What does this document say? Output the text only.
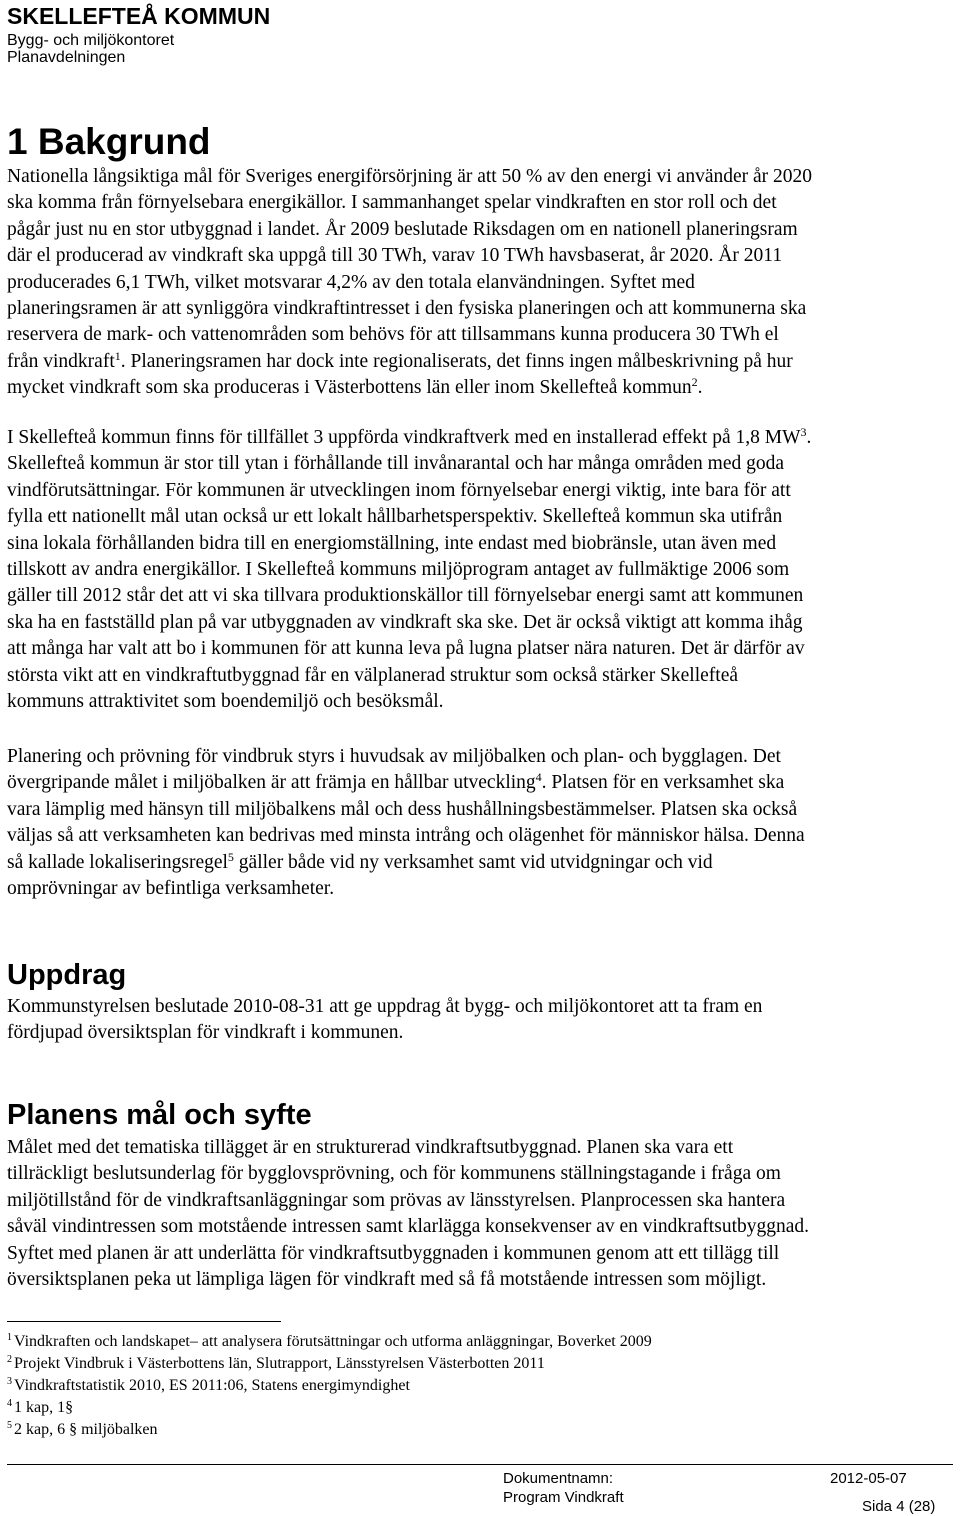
SKELLEFTEÅ KOMMUN
Bygg- och miljökontoret
Planavdelningen
1 Bakgrund
Nationella långsiktiga mål för Sveriges energiförsörjning är att 50 % av den energi vi använder år 2020
ska komma från förnyelsebara energikällor. I sammanhanget spelar vindkraften en stor roll och det
pågår just nu en stor utbyggnad i landet. År 2009 beslutade Riksdagen om en nationell planeringsram
där el producerad av vindkraft ska uppgå till 30 TWh, varav 10 TWh havsbaserat, år 2020. År 2011
producerades 6,1 TWh, vilket motsvarar 4,2% av den totala elanvändningen. Syftet med
planeringsramen är att synliggöra vindkraftintresset i den fysiska planeringen och att kommunerna ska
reservera de mark- och vattenområden som behövs för att tillsammans kunna producera 30 TWh el
från vindkraft$^1$. Planeringsramen har dock inte regionaliserats, det finns ingen målbeskrivning på hur
mycket vindkraft som ska produceras i Västerbottens län eller inom Skellefteå kommun$^2$.
I Skellefteå kommun finns för tillfället 3 uppförda vindkraftverk med en installerad effekt på 1,8 $MW^3$.
Skellefteå kommun är stor till ytan i förhållande till invånarantal och har många områden med goda
vindförutsättningar. För kommunen är utvecklingen inom förnyelsebar energi viktig, inte bara för att
fylla ett nationellt mål utan också ur ett lokalt hållbarhetsperspektiv. Skellefteå kommun ska utifrån
sina lokala förhållanden bidra till en energiomställning, inte endast med biobränsle, utan även med
tillskott av andra energikällor. I Skellefteå kommuns miljöprogram antaget av fullmäktige 2006 som
gäller till 2012 står det att vi ska tillvara produktionskällor till förnyelsebar energi samt att kommunen
ska ha en fastställd plan på var utbyggnaden av vindkraft ska ske. Det är också viktigt att komma ihåg
att många har valt att bo i kommunen för att kunna leva på lugna platser nära naturen. Det är därför av
största vikt att en vindkraftutbyggnad får en välplanerad struktur som också stärker Skellefteå
kommuns attraktivitet som boendemiljö och besöksmål.
Planering och prövning för vindbruk styrs i huvudsak av miljöbalken och plan- och bygglagen. Det
övergripande målet i miljöbalken är att främja en hållbar utveckling$^4$. Platsen för en verksamhet ska
vara lämplig med hänsyn till miljöbalkens mål och dess hushållningsbestämmelser. Platsen ska också
väljas så att verksamheten kan bedrivas med minsta intrång och olägenhet för människor hälsa. Denna
så kallade lokaliseringsregel$^5$ gäller både vid ny verksamhet samt vid utvidgningar och vid
omprövningar av befintliga verksamheter.
Uppdrag
Kommunstyrelsen beslutade 2010-08-31 att ge uppdrag åt bygg- och miljökontoret att ta fram en
fördjupad översiktsplan för vindkraft i kommunen.
Planens mål och syfte
Målet med det tematiska tillägget är en strukturerad vindkraftsutbyggnad. Planen ska vara ett
tillräckligt beslutsunderlag för bygglovsprövning, och för kommunens ställningstagande i fråga om
miljötillstånd för de vindkraftsanläggningar som prövas av länsstyrelsen. Planprocessen ska hantera
såväl vindintressen som motstående intressen samt klarlägga konsekvenser av en vindkraftsutbyggnad.
Syftet med planen är att underlätta för vindkraftsutbyggnaden i kommunen genom att ett tillägg till
översiktsplanen peka ut lämpliga lägen för vindkraft med så få motstående intressen som möjligt.
$^1$ Vindkraften och landskapet– att analysera förutsättningar och utforma anläggningar, Boverket 2009
$^2$ Projekt Vindbruk i Västerbottens län, Slutrapport, Länsstyrelsen Västerbotten 2011
$^3$ Vindkraftstatistik 2010, ES 2011:06, Statens energimyndighet
$^4$ 1 kap, 1§
$^5$ 2 kap, 6 § miljöbalken
Dokumentnamn:
Program Vindkraft
2012-05-07
Sida 4 (28)
